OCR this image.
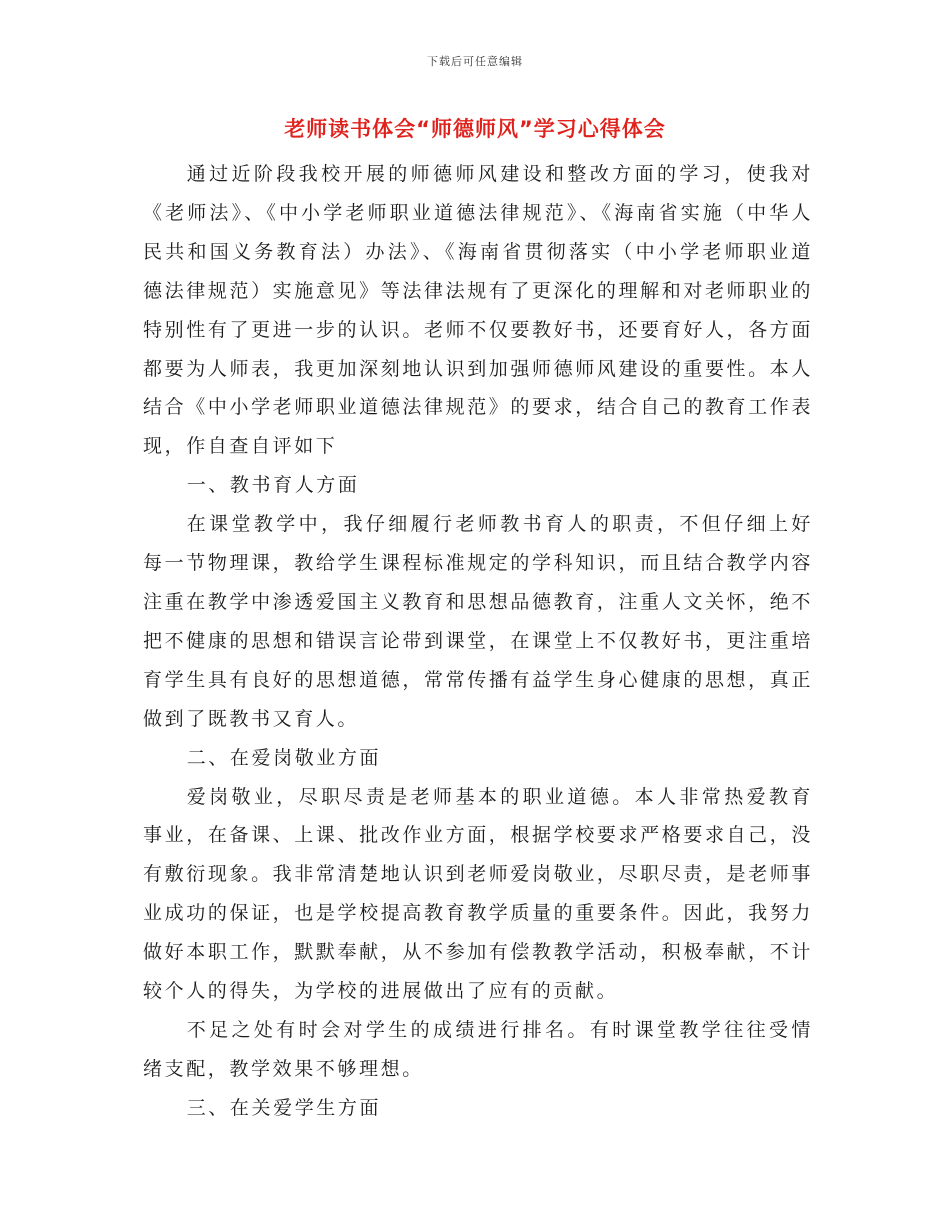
下载后可任意编辑
老师读书体会“师德师风”学习心得体会

通过近阶段我校开展的师德师风建设和整改方面的学习，使我对《老师法》、《中小学老师职业道德法律规范》、《海南省实施（中华人民共和国义务教育法）办法》、《海南省贯彻落实（中小学老师职业道德法律规范）实施意见》等法律法规有了更深化的理解和对老师职业的特别性有了更进一步的认识。老师不仅要教好书，还要育好人，各方面都要为人师表，我更加深刻地认识到加强师德师风建设的重要性。本人结合《中小学老师职业道德法律规范》的要求，结合自己的教育工作表现，作自查自评如下

一、教书育人方面

在课堂教学中，我仔细履行老师教书育人的职责，不但仔细上好每一节物理课，教给学生课程标准规定的学科知识，而且结合教学内容注重在教学中渗透爱国主义教育和思想品德教育，注重人文关怀，绝不把不健康的思想和错误言论带到课堂，在课堂上不仅教好书，更注重培育学生具有良好的思想道德，常常传播有益学生身心健康的思想，真正做到了既教书又育人。

二、在爱岗敬业方面

爱岗敬业，尽职尽责是老师基本的职业道德。本人非常热爱教育事业，在备课、上课、批改作业方面，根据学校要求严格要求自己，没有敷衍现象。我非常清楚地认识到老师爱岗敬业，尽职尽责，是老师事业成功的保证，也是学校提高教育教学质量的重要条件。因此，我努力做好本职工作，默默奉献，从不参加有偿教教学活动，积极奉献，不计较个人的得失，为学校的进展做出了应有的贡献。

不足之处有时会对学生的成绩进行排名。有时课堂教学往往受情绪支配，教学效果不够理想。

三、在关爱学生方面
